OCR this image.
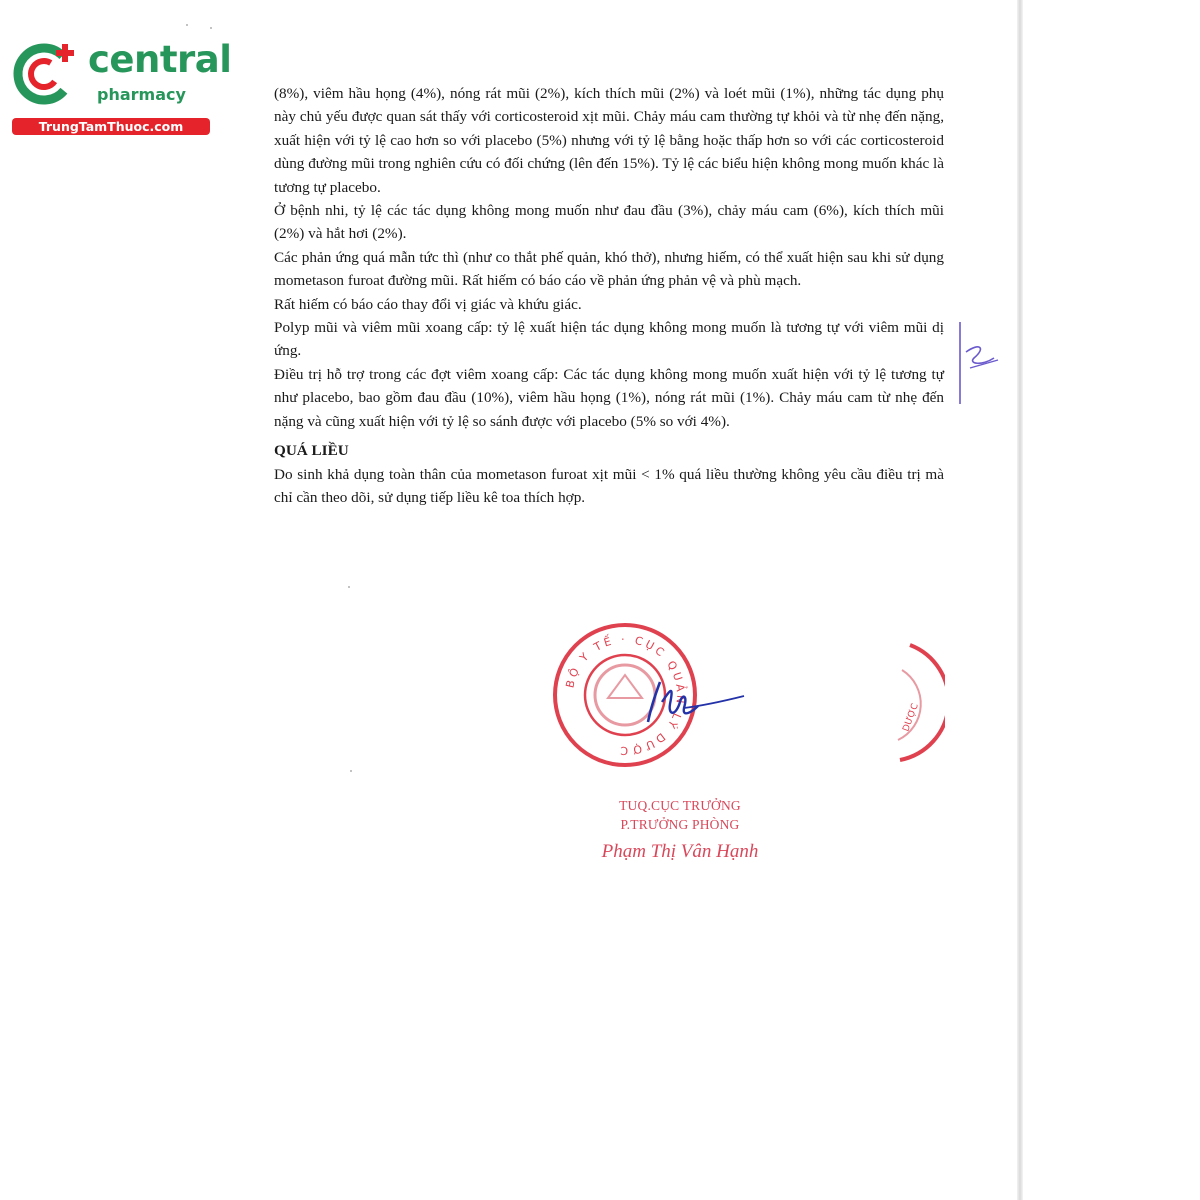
central
pharmacy
TrungTamThuoc.com

(8%), viêm hầu họng (4%), nóng rát mũi (2%), kích thích mũi (2%) và loét mũi (1%), những tác dụng phụ này chủ yếu được quan sát thấy với corticosteroid xịt mũi. Chảy máu cam thường tự khỏi và từ nhẹ đến nặng, xuất hiện với tỷ lệ cao hơn so với placebo (5%) nhưng với tỷ lệ bằng hoặc thấp hơn so với các corticosteroid dùng đường mũi trong nghiên cứu có đối chứng (lên đến 15%). Tỷ lệ các biểu hiện không mong muốn khác là tương tự placebo.

Ở bệnh nhi, tỷ lệ các tác dụng không mong muốn như đau đầu (3%), chảy máu cam (6%), kích thích mũi (2%) và hắt hơi (2%).

Các phản ứng quá mẫn tức thì (như co thắt phế quản, khó thở), nhưng hiếm, có thể xuất hiện sau khi sử dụng mometason furoat đường mũi. Rất hiếm có báo cáo về phản ứng phản vệ và phù mạch.

Rất hiếm có báo cáo thay đổi vị giác và khứu giác.

Polyp mũi và viêm mũi xoang cấp: tỷ lệ xuất hiện tác dụng không mong muốn là tương tự với viêm mũi dị ứng.

Điều trị hỗ trợ trong các đợt viêm xoang cấp: Các tác dụng không mong muốn xuất hiện với tỷ lệ tương tự như placebo, bao gồm đau đầu (10%), viêm hầu họng (1%), nóng rát mũi (1%). Chảy máu cam từ nhẹ đến nặng và cũng xuất hiện với tỷ lệ so sánh được với placebo (5% so với 4%).

QUÁ LIỀU

Do sinh khả dụng toàn thân của mometason furoat xịt mũi < 1% quá liều thường không yêu cầu điều trị mà chỉ cần theo dõi, sử dụng tiếp liều kê toa thích hợp.

BỘ Y TẾ · CỤC QUẢN LÝ DƯỢC
DƯỢC
TUQ.CỤC TRƯỞNG
P.TRƯỞNG PHÒNG
Phạm Thị Vân Hạnh
